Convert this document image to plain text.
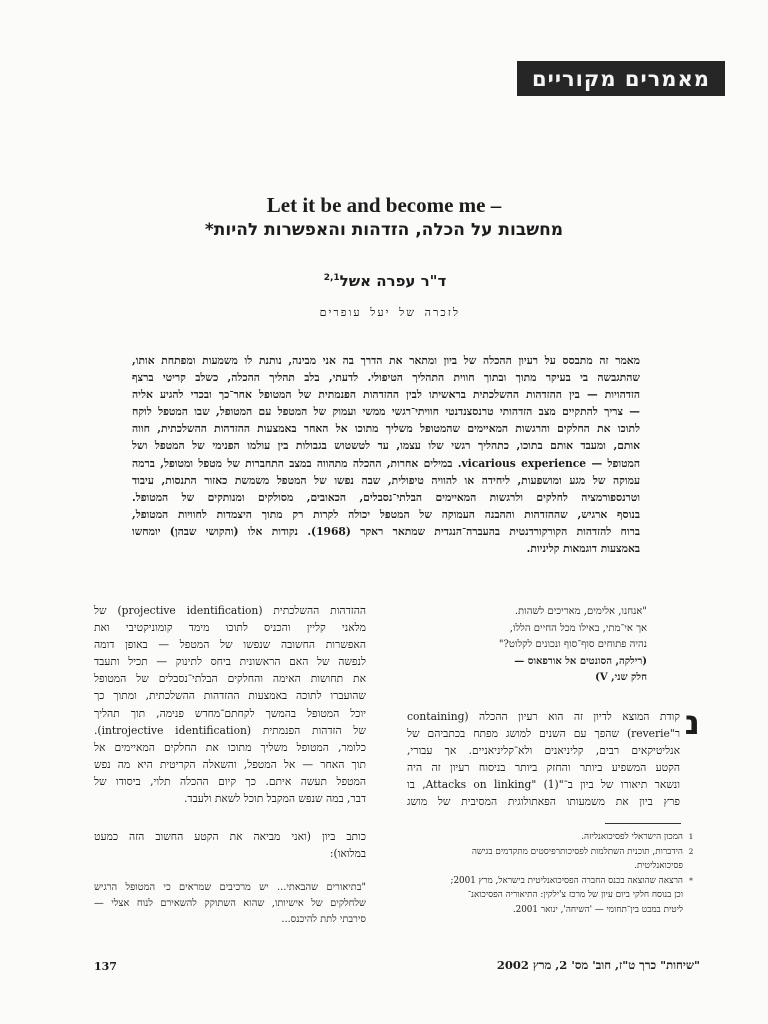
מאמרים מקוריים
Let it be and become me –
מחשבות על הכלה, הזדהות והאפשרות להיות*
ד"ר עפרה אשל$^{2,1}$
לזכרה של יעל עופרים

מאמר זה מתבסס על רעיון ההכלה של ביון ומתאר את הדרך בה אני מבינה, נותנת לו משמעות ומפתחת אותו,

שהתגבשה בי בעיקר מתוך ובתוך חווית התהליך הטיפולי. לדעתי, בלב תהליך ההכלה, כשלב קריטי ברצף

הזדהויות — בין ההזדהות ההשלכתית בראשיתו לבין ההזדהות הפנמתית של המטופל אחר־כך ובכדי להגיע אליה

— צריך להתקיים מצב הזדהותי טרנסצנדנטי חוויתי־רגשי ממשי ועמוק של המטפל עם המטופל, שבו המטפל לוקח

לתוכו את החלקים והרגשות המאיימים שהמטופל משליך מתוכו אל האחר באמצעות ההזדהות ההשלכתית, חווה

אותם, ומעבד אותם בתוכו, כתהליך רגשי שלו עצמו, עד לטשטוש בגבולות בין עולמו הפנימי של המטפל ושל

המטופל — vicarious experience. במילים אחרות, ההכלה מתהווה במצב התחברות של מטפל ומטופל, ברמה

עמוקה של מגע ומושפעות, ליחידה או להוויה טיפולית, שבה נפשו של המטפל משמשת כאזור התנסות, עיבוד

וטרנספורמציה לחלקים ולרגשות המאיימים הבלתי־נסבלים, הכאובים, מסולקים ומנותקים של המטופל.

בנוסף ארגיש, שההזדהות וההבנה העמוקה של המטפל יכולה לקרות רק מתוך היצמדות לחוויות המטופל,

ברוח להזדהות הקורקורדנטית בהעברה־הנגדית שמתאר ראקר (1968). נקודות אלו (והקושי שבהן) יומחשו

באמצעות דוגמאות קליניות.

"אנחנו, אלימים, מאריכים לשהות.

אך אי־מתי, באילו מכל החיים הללו,

נהיה פתוחים סוף־סוף ונכונים לקלוט?"

(רילקה, הסונטים אל אורפאוס —

חלק שני, V)

נ

קודת המוצא לדיון זה הוא רעיון ההכלה (containing

ר"reverie) שהפך עם השנים למושג מפתח בכתביהם של

אנליטיקאים רבים, קליניאנים ולא־קליניאניים. אך עבורי,

הקטע המשפיע ביותר והחזק ביותר בניסוח רעיון זה היה

ונשאר תיאורו של ביון ב־"Attacks on linking" (1), בו

פרץ ביון את משמעותו הפאתולוגית המסיבית של מושג

ההזדהות ההשלכתית (projective identification) של

מלאני קליין והכניס לתוכו מימד קומוניקטיבי ואת

האפשרות החשובה שנפשו של המטפל — באופן דומה

לנפשה של האם הראשונית ביחס לתינוק — תכיל ותעבד

את תחושות האימה והחלקים הבלתי־נסבלים של המטופל

שהועברו לתוכה באמצעות ההזדהות ההשלכתית, ומתוך כך

יוכל המטופל בהמשך לקחתם־מחדש פנימה, תוך תהליך

של הזדהות הפנמתית (introjective identification).

כלומר, המטופל משליך מתוכו את החלקים המאיימים אל

תוך האחר — אל המטפל, והשאלה הקריטית היא מה נפש

המטפל תעשה איתם. כך קיום ההכלה תלוי, ביסודו של

דבר, במה שנפש המקבל תוכל לשאת ולעבד.

כותב ביון (ואני מביאה את הקטע החשוב הזה כמעט

במלואו):

"בתיאורים שהבאתי... יש מרכיבים שמראים כי המטופל הרגיש

שלחלקים של אישיותו, שהוא השתוקק להשאירם לנוח אצלי —

סירבתי לתת להיכנס...

1
המכון הישראלי לפסיכואנליזה.
2
הידברות, תוכנית השתלמות לפסיכותרפיסטים מתקדמים בגישה
פסיכואנליטית.
*
הרצאה שהוצאה בכנס החברה הפסיכואנליטית בישראל, מרץ 2001;
וכן בנוסח חלקי ביום עיון של מרכז צ'ילקין: התיאוריה הפסיכואנ־
ליטית במבט בין־תחומי — 'השיחה', ינואר 2001.
137	"שיחות" כרך ט"ז, חוב' מס' 2, מרץ 2002
